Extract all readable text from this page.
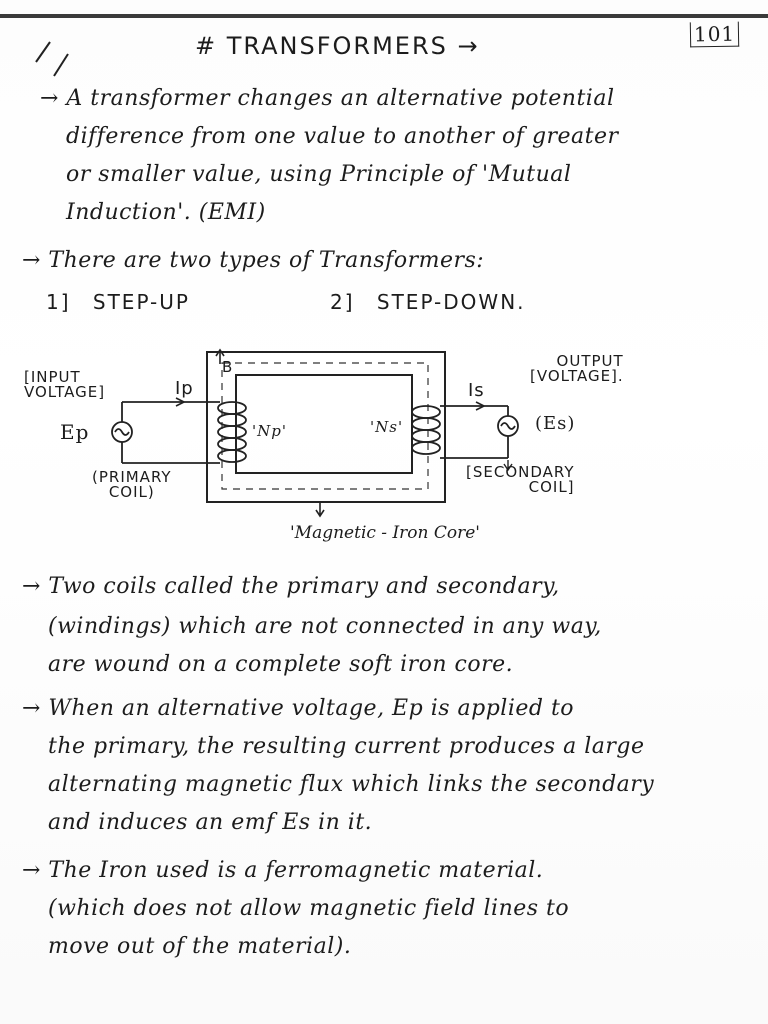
101
# TRANSFORMERS →
→ A transformer changes an alternative potential
difference from one value to another of greater
or smaller value, using Principle of 'Mutual
Induction'. (EMI)
→ There are two types of Transformers:
1] STEP-UP	2] STEP-DOWN.
[INPUT
VOLTAGE]
Ep
Ip
B
'Np'	'Ns'
Is
(Es)
OUTPUT
[VOLTAGE].
(PRIMARY
COIL)
[SECONDARY
COIL]
'Magnetic - Iron Core'
→ Two coils called the primary and secondary,
(windings) which are not connected in any way,
are wound on a complete soft iron core.
→ When an alternative voltage, Ep is applied to
the primary, the resulting current produces a large
alternating magnetic flux which links the secondary
and induces an emf Es in it.
→ The Iron used is a ferromagnetic material.
(which does not allow magnetic field lines to
move out of the material).
